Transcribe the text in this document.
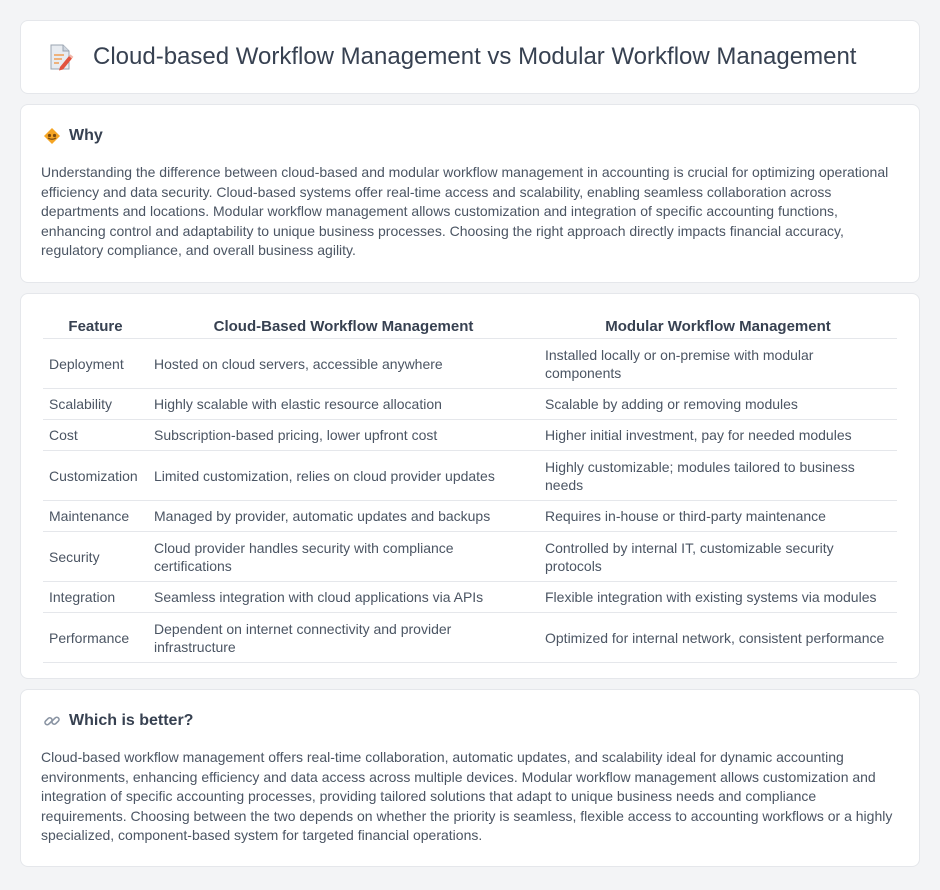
Cloud-based Workflow Management vs Modular Workflow Management
Why

Understanding the difference between cloud-based and modular workflow management in accounting is crucial for optimizing operational efficiency and data security. Cloud-based systems offer real-time access and scalability, enabling seamless collaboration across departments and locations. Modular workflow management allows customization and integration of specific accounting functions, enhancing control and adaptability to unique business processes. Choosing the right approach directly impacts financial accuracy, regulatory compliance, and overall business agility.

Feature	Cloud-Based Workflow Management	Modular Workflow Management
Deployment	Hosted on cloud servers, accessible anywhere	Installed locally or on-premise with modular components
Scalability	Highly scalable with elastic resource allocation	Scalable by adding or removing modules
Cost	Subscription-based pricing, lower upfront cost	Higher initial investment, pay for needed modules
Customization	Limited customization, relies on cloud provider updates	Highly customizable; modules tailored to business needs
Maintenance	Managed by provider, automatic updates and backups	Requires in-house or third-party maintenance
Security	Cloud provider handles security with compliance certifications	Controlled by internal IT, customizable security protocols
Integration	Seamless integration with cloud applications via APIs	Flexible integration with existing systems via modules
Performance	Dependent on internet connectivity and provider infrastructure	Optimized for internal network, consistent performance
Which is better?

Cloud-based workflow management offers real-time collaboration, automatic updates, and scalability ideal for dynamic accounting environments, enhancing efficiency and data access across multiple devices. Modular workflow management allows customization and integration of specific accounting processes, providing tailored solutions that adapt to unique business needs and compliance requirements. Choosing between the two depends on whether the priority is seamless, flexible access to accounting workflows or a highly specialized, component-based system for targeted financial operations.
